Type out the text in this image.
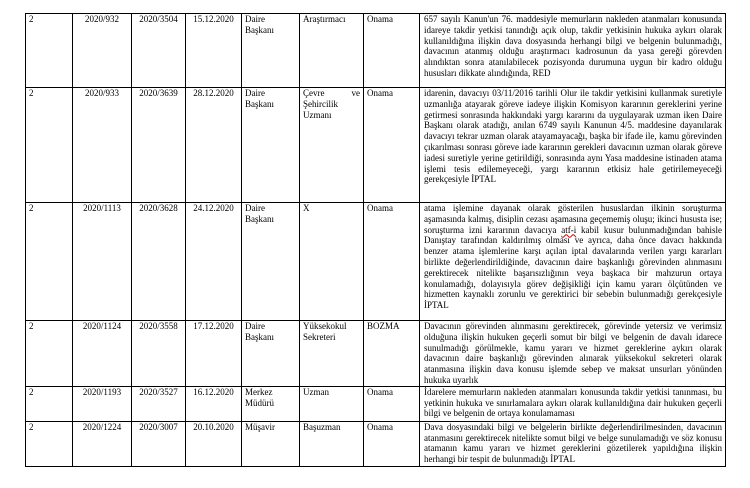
2	2020/932	2020/3504	15.12.2020	Daire Başkanı	Araştırmacı	Onama	657 sayılı Kanun'un 76. maddesiyle memurların nakleden atanmaları konusunda idareye takdir yetkisi tanındığı açık olup, takdir yetkisinin hukuka aykırı olarak kullanıldığına ilişkin dava dosyasında herhangi bilgi ve belgenin bulunmadığı, davacının atanmış olduğu araştırmacı kadrosunun da yasa gereği görevden alındıktan sonra atanılabilecek pozisyonda durumuna uygun bir kadro olduğu hususları dikkate alındığında, RED
2	2020/933	2020/3639	28.12.2020	Daire Başkanı	Çevre ve Şehircilik Uzmanı	Onama	idarenin, davacıyı 03/11/2016 tarihli Olur ile takdir yetkisini kullanmak suretiyle uzmanlığa atayarak göreve iadeye ilişkin Komisyon kararının gereklerini yerine getirmesi sonrasında hakkındaki yargı kararını da uygulayarak uzman iken Daire Başkanı olarak atadığı, anılan 6749 sayılı Kanunun 4/5. maddesine dayanılarak davacıyı tekrar uzman olarak atayamayacağı, başka bir ifade ile, kamu görevinden çıkarılması sonrası göreve iade kararının gerekleri davacının uzman olarak göreve iadesi suretiyle yerine getirildiği, sonrasında aynı Yasa maddesine istinaden atama işlemi tesis edilemeyeceği, yargı kararının etkisiz hale getirilemeyeceği gerekçesiyle İPTAL
2	2020/1113	2020/3628	24.12.2020	Daire Başkanı	X	Onama	atama işlemine dayanak olarak gösterilen hususlardan ilkinin soruşturma aşamasında kalmış, disiplin cezası aşamasına geçememiş oluşu; ikinci hususta ise; soruşturma izni kararının davacıya atf-i kabil kusur bulunmadığından bahisle Danıştay tarafından kaldırılmış olması ve ayrıca, daha önce davacı hakkında benzer atama işlemlerine karşı açılan iptal davalarında verilen yargı kararları birlikte değerlendirildiğinde, davacının daire başkanlığı görevinden alınmasını gerektirecek nitelikte başarısızlığının veya başkaca bir mahzurun ortaya konulamadığı, dolayısıyla görev değişikliği için kamu yararı ölçütünden ve hizmetten kaynaklı zorunlu ve gerektirici bir sebebin bulunmadığı gerekçesiyle İPTAL
2	2020/1124	2020/3558	17.12.2020	Daire Başkanı	Yüksekokul Sekreteri	BOZMA	Davacının görevinden alınmasını gerektirecek, görevinde yetersiz ve verimsiz olduğuna ilişkin hukuken geçerli somut bir bilgi ve belgenin de davalı idarece sunulmadığı görülmekle, kamu yararı ve hizmet gereklerine aykırı olarak davacının daire başkanlığı görevinden alınarak yüksekokul sekreteri olarak atanmasına ilişkin dava konusu işlemde sebep ve maksat unsurları yönünden hukuka uyarlık
2	2020/1193	2020/3527	16.12.2020	Merkez Müdürü	Uzman	Onama	İdarelere memurların nakleden atanmaları konusunda takdir yetkisi tanınması, bu yetkinin hukuka ve sınırlamalara aykırı olarak kullanıldığına dair hukuken geçerli bilgi ve belgenin de ortaya konulamaması
2	2020/1224	2020/3007	20.10.2020	Müşavir	Başuzman	Onama	Dava dosyasındaki bilgi ve belgelerin birlikte değerlendirilmesinden, davacının atanmasını gerektirecek nitelikte somut bilgi ve belge sunulamadığı ve söz konusu atamanın kamu yararı ve hizmet gereklerini gözetilerek yapıldığına ilişkin herhangi bir tespit de bulunmadığı İPTAL
